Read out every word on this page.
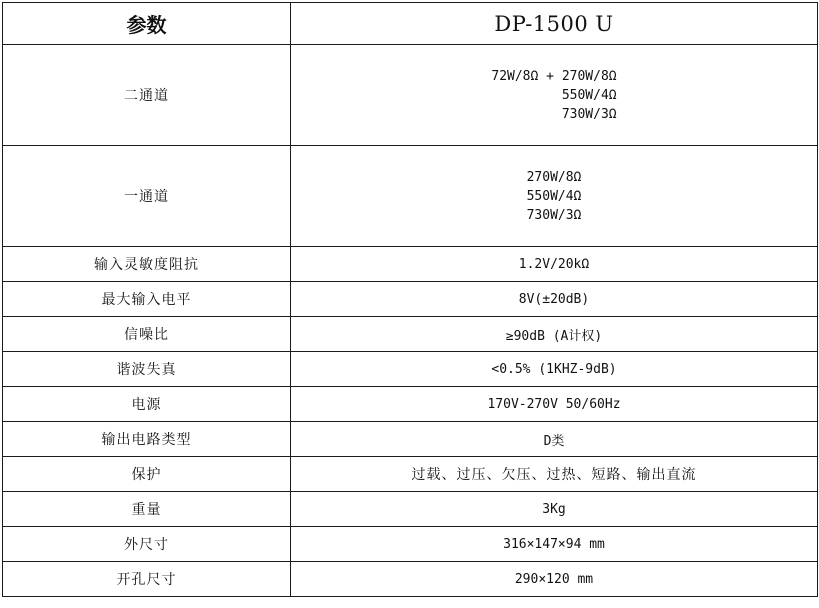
参数	DP-1500 U
二通道	72W/8Ω + 270W/8Ω
550W/4Ω
730W/3Ω

一通道	270W/8Ω
550W/4Ω
730W/3Ω

输入灵敏度阻抗	1.2V/20kΩ
最大输入电平	8V(±20dB)
信噪比	≥90dB (A计权)
谐波失真	<0.5% (1KHZ-9dB)
电源	170V-270V 50/60Hz
输出电路类型	D类
保护	过载、过压、欠压、过热、短路、输出直流
重量	3Kg
外尺寸	316×147×94 mm
开孔尺寸	290×120 mm
